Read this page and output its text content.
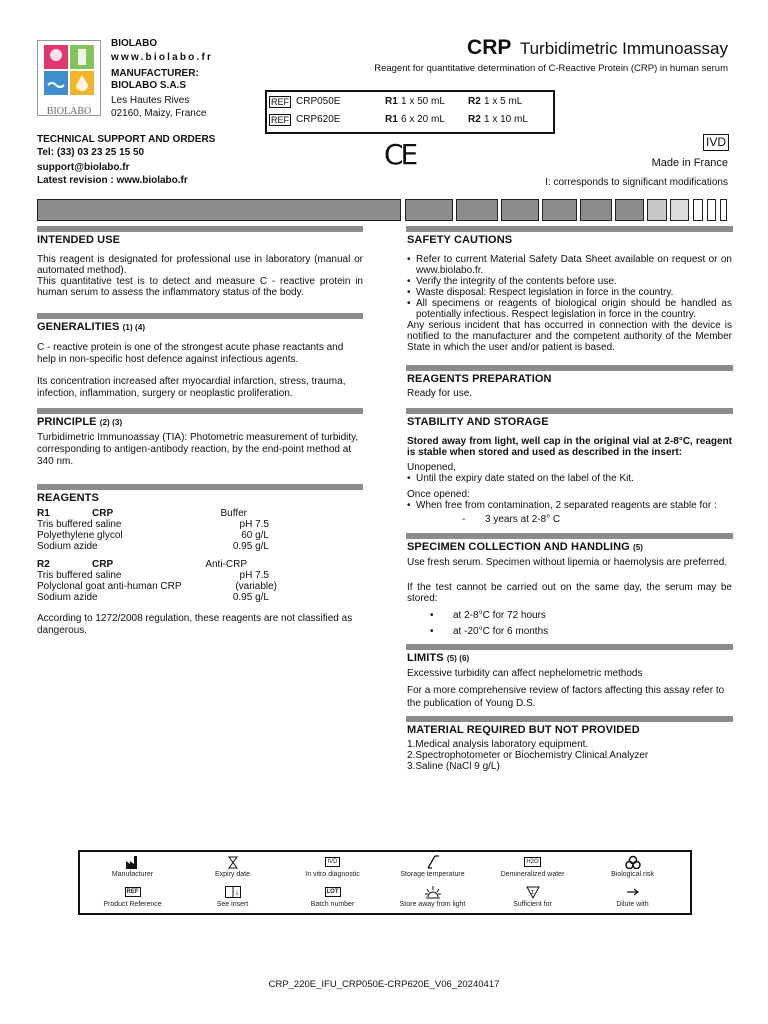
BIOLABO
BIOLABO
www.biolabo.fr
MANUFACTURER:
BIOLABO S.A.S
Les Hautes Rives
02160, Maizy, France
TECHNICAL SUPPORT AND ORDERS
Tel: (33) 03 23 25 15 50
support@biolabo.fr
Latest revision : www.biolabo.fr
CRP Turbidimetric Immunoassay
Reagent for quantitative determination of C-Reactive Protein (CRP) in human serum
REF CRP050E	R1 1 x 50 mL R2 1 x 5 mL
REF CRP620E	R1 6 x 20 mL R2 1 x 10 mL
CE	IVD
Made in France
I: corresponds to significant modifications
INTENDED USE
This reagent is designated for professional use in laboratory (manual or automated method).
This quantitative test is to detect and measure C - reactive protein in human serum to assess the inflammatory status of the body.
GENERALITIES (1) (4)
C - reactive protein is one of the strongest acute phase reactants and help in non-specific host defence against infectious agents.
Its concentration increased after myocardial infarction, stress, trauma, infection, inflammation, surgery or neoplastic proliferation.
PRINCIPLE (2) (3)
Turbidimetric Immunoassay (TIA): Photometric measurement of turbidity, corresponding to antigen-antibody reaction, by the end-point method at 340 nm.
REAGENTS
R1	CRP	Buffer
Tris buffered saline	pH 7.5
Polyethylene glycol	60 g/L
Sodium azide	0.95 g/L
R2	CRP	Anti-CRP
Tris buffered saline	pH 7.5
Polyclonal goat anti-human CRP	(variable)
Sodium azide	0.95 g/L
According to 1272/2008 regulation, these reagents are not classified as dangerous.
SAFETY CAUTIONS
• Refer to current Material Safety Data Sheet available on request or on www.biolabo.fr.
• Verify the integrity of the contents before use.
• Waste disposal: Respect legislation in force in the country.
• All specimens or reagents of biological origin should be handled as potentially infectious. Respect legislation in force in the country.
Any serious incident that has occurred in connection with the device is notified to the manufacturer and the competent authority of the Member State in which the user and/or patient is based.
REAGENTS PREPARATION
Ready for use.
STABILITY AND STORAGE
Stored away from light, well cap in the original vial at 2-8°C, reagent is stable when stored and used as described in the insert:
Unopened,
• Until the expiry date stated on the label of the Kit.
Once opened:
• When free from contamination, 2 separated reagents are stable for :
- 3 years at 2-8° C
SPECIMEN COLLECTION AND HANDLING (5)
Use fresh serum. Specimen without lipemia or haemolysis are preferred.
If the test cannot be carried out on the same day, the serum may be stored:
• at 2-8°C for 72 hours
• at -20°C for 6 months
LIMITS (5) (6)
Excessive turbidity can affect nephelometric methods
For a more comprehensive review of factors affecting this assay refer to the publication of Young D.S.
MATERIAL REQUIRED BUT NOT PROVIDED
1.Medical analysis laboratory equipment.
2.Spectrophotometer or Biochemistry Clinical Analyzer
3.Saline (NaCl 9 g/L)
Manufacturer	Expiry date
IVD
In vitro diagnostic	Storage temperature
H2O
Demineralized water	Biological risk
REF
Product Reference
i
See insert
LOT
Batch number	Store away from light
Σ
Sufficient for	Dilute with
CRP_220E_IFU_CRP050E-CRP620E_V06_20240417
